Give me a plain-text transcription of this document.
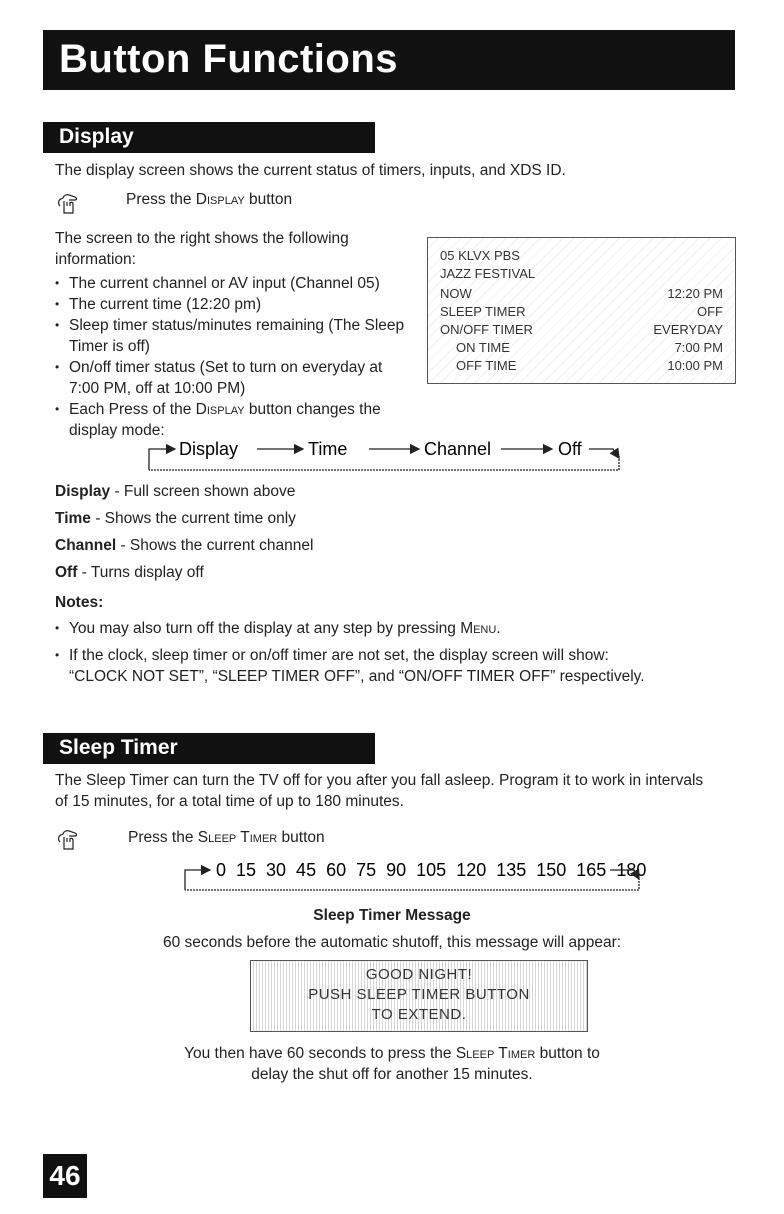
Button Functions
Display
The display screen shows the current status of timers, inputs, and XDS ID.
Press the Display button
The screen to the right shows the following
information:
• The current channel or AV input (Channel 05)
• The current time (12:20 pm)
• Sleep timer status/minutes remaining (The Sleep Timer is off)
• On/off timer status (Set to turn on everyday at 7:00 PM, off at 10:00 PM)
• Each Press of the Display button changes the display mode:
05 KLVX PBS
JAZZ FESTIVAL
NOW	12:20 PM
SLEEP TIMER	OFF
ON/OFF TIMER	EVERYDAY
ON TIME	7:00 PM
OFF TIME	10:00 PM
Display	Time	Channel	Off
Display - Full screen shown above
Time - Shows the current time only
Channel - Shows the current channel
Off - Turns display off
Notes:
• You may also turn off the display at any step by pressing Menu.
• If the clock, sleep timer or on/off timer are not set, the display screen will show:
“CLOCK NOT SET”, “SLEEP TIMER OFF”, and “ON/OFF TIMER OFF” respectively.
Sleep Timer
The Sleep Timer can turn the TV off for you after you fall asleep. Program it to work in intervals
of 15 minutes, for a total time of up to 180 minutes.
Press the Sleep Timer button
0  15  30  45  60  75  90  105  120  135  150  165  180
Sleep Timer Message
60 seconds before the automatic shutoff, this message will appear:
GOOD NIGHT!
PUSH SLEEP TIMER BUTTON
TO EXTEND.
You then have 60 seconds to press the Sleep Timer button to
delay the shut off for another 15 minutes.
46
